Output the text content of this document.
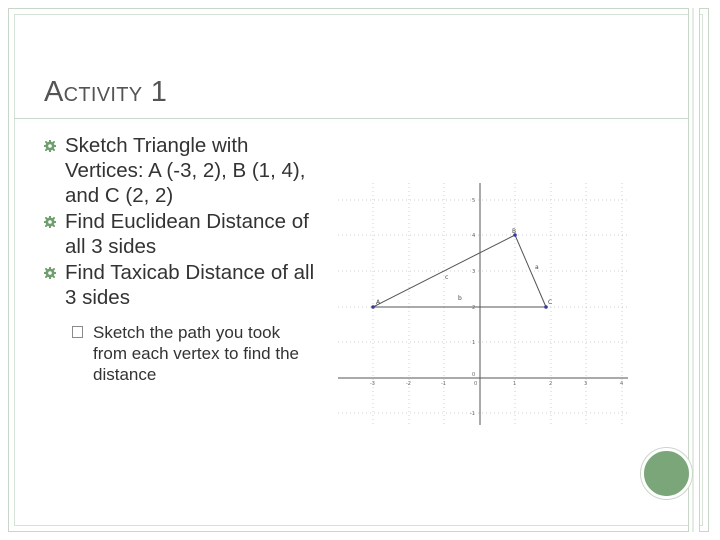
Activity 1
Sketch Triangle with Vertices: A (-3, 2), B (1, 4), and C (2, 2)
Find Euclidean Distance of all 3 sides
Find Taxicab Distance of all 3 sides
Sketch the path you took from each vertex to find the distance	-3	-2	-1	0	1	2	3	4
5
4
3
2
1
0
-1
A
B
C
a
b
c
